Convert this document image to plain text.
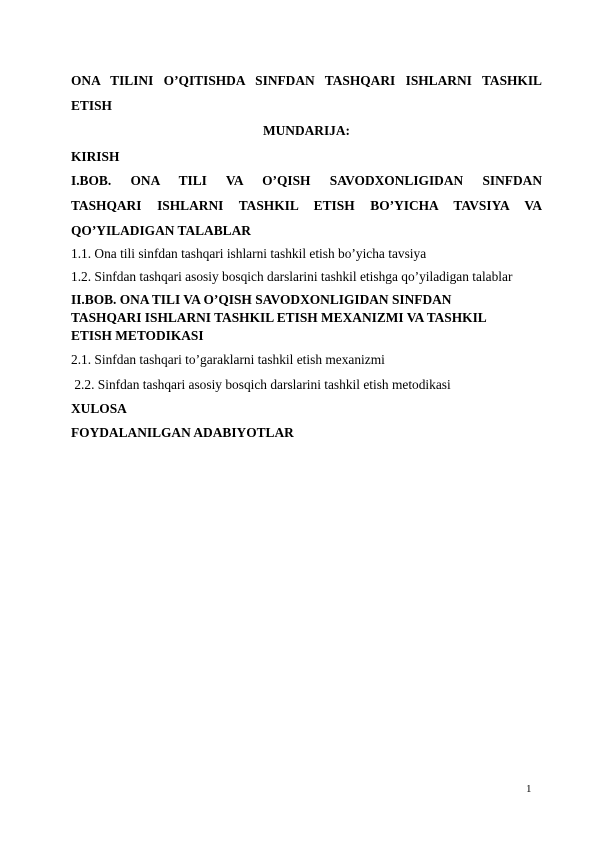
ONA TILINI O’QITISHDA SINFDAN TASHQARI ISHLARNI TASHKIL
ETISH
MUNDARIJA:
KIRISH
I.BOB. ONA TILI VA O’QISH SAVODXONLIGIDAN SINFDAN
TASHQARI ISHLARNI TASHKIL ETISH BO’YICHA TAVSIYA VA
QO’YILADIGAN TALABLAR
1.1. Ona tili sinfdan tashqari ishlarni tashkil etish bo’yicha tavsiya
1.2. Sinfdan tashqari asosiy bosqich darslarini tashkil etishga qo’yiladigan talablar
II.BOB. ONA TILI VA O’QISH SAVODXONLIGIDAN SINFDAN
TASHQARI ISHLARNI TASHKIL ETISH MEXANIZMI VA TASHKIL
ETISH METODIKASI
2.1. Sinfdan tashqari to’garaklarni tashkil etish mexanizmi
2.2. Sinfdan tashqari asosiy bosqich darslarini tashkil etish metodikasi
XULOSA
FOYDALANILGAN ADABIYOTLAR
1
